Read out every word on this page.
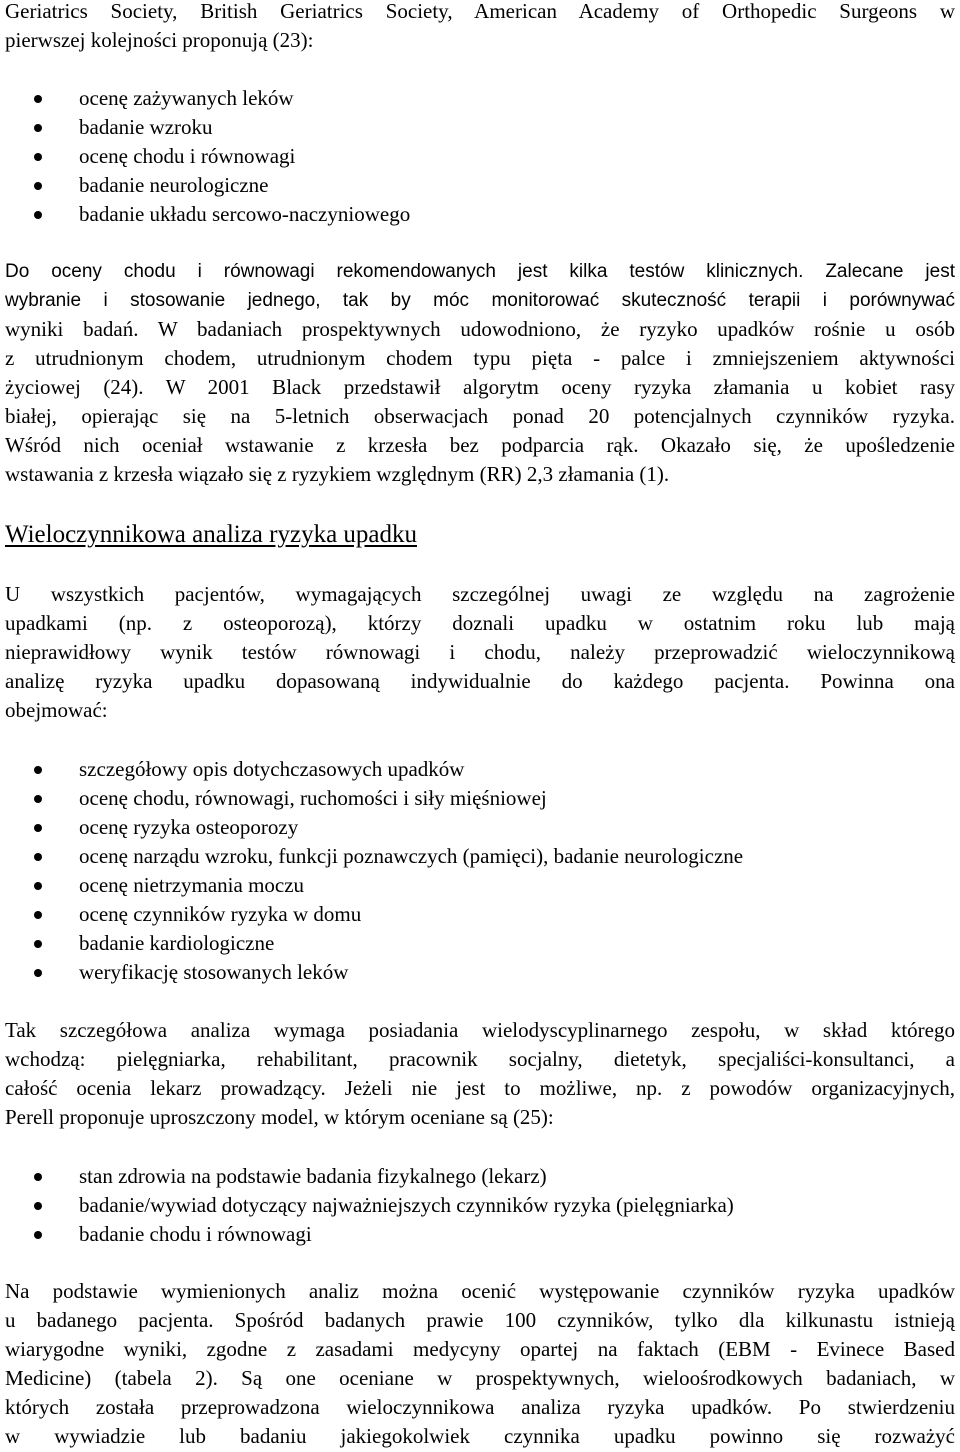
Geriatrics Society, British Geriatrics Society, American Academy of Orthopedic Surgeons w

pierwszej kolejności proponują (23):

ocenę zażywanych leków
badanie wzroku
ocenę chodu i równowagi
badanie neurologiczne
badanie układu sercowo-naczyniowego

Do oceny chodu i równowagi rekomendowanych jest kilka testów klinicznych. Zalecane jest

wybranie i stosowanie jednego, tak by móc monitorować skuteczność terapii i porównywać

wyniki badań. W badaniach prospektywnych udowodniono, że ryzyko upadków rośnie u osób

z utrudnionym chodem, utrudnionym chodem typu pięta - palce i zmniejszeniem aktywności

życiowej (24). W 2001 Black przedstawił algorytm oceny ryzyka złamania u kobiet rasy

białej, opierając się na 5-letnich obserwacjach ponad 20 potencjalnych czynników ryzyka.

Wśród nich oceniał wstawanie z krzesła bez podparcia rąk. Okazało się, że upośledzenie

wstawania z krzesła wiązało się z ryzykiem względnym (RR) 2,3 złamania (1).

Wieloczynnikowa analiza ryzyka upadku

U wszystkich pacjentów, wymagających szczególnej uwagi ze względu na zagrożenie

upadkami (np. z osteoporozą), którzy doznali upadku w ostatnim roku lub mają

nieprawidłowy wynik testów równowagi i chodu, należy przeprowadzić wieloczynnikową

analizę ryzyka upadku dopasowaną indywidualnie do każdego pacjenta. Powinna ona

obejmować:

szczegółowy opis dotychczasowych upadków
ocenę chodu, równowagi, ruchomości i siły mięśniowej
ocenę ryzyka osteoporozy
ocenę narządu wzroku, funkcji poznawczych (pamięci), badanie neurologiczne
ocenę nietrzymania moczu
ocenę czynników ryzyka w domu
badanie kardiologiczne
weryfikację stosowanych leków

Tak szczegółowa analiza wymaga posiadania wielodyscyplinarnego zespołu, w skład którego

wchodzą: pielęgniarka, rehabilitant, pracownik socjalny, dietetyk, specjaliści-konsultanci, a

całość ocenia lekarz prowadzący. Jeżeli nie jest to możliwe, np. z powodów organizacyjnych,

Perell proponuje uproszczony model, w którym oceniane są (25):

stan zdrowia na podstawie badania fizykalnego (lekarz)
badanie/wywiad dotyczący najważniejszych czynników ryzyka (pielęgniarka)
badanie chodu i równowagi

Na podstawie wymienionych analiz można ocenić występowanie czynników ryzyka upadków

u badanego pacjenta. Spośród badanych prawie 100 czynników, tylko dla kilkunastu istnieją

wiarygodne wyniki, zgodne z zasadami medycyny opartej na faktach (EBM - Evinece Based

Medicine) (tabela 2). Są one oceniane w prospektywnych, wieloośrodkowych badaniach, w

których została przeprowadzona wieloczynnikowa analiza ryzyka upadków. Po stwierdzeniu

w wywiadzie lub badaniu jakiegokolwiek czynnika upadku powinno się rozważyć
